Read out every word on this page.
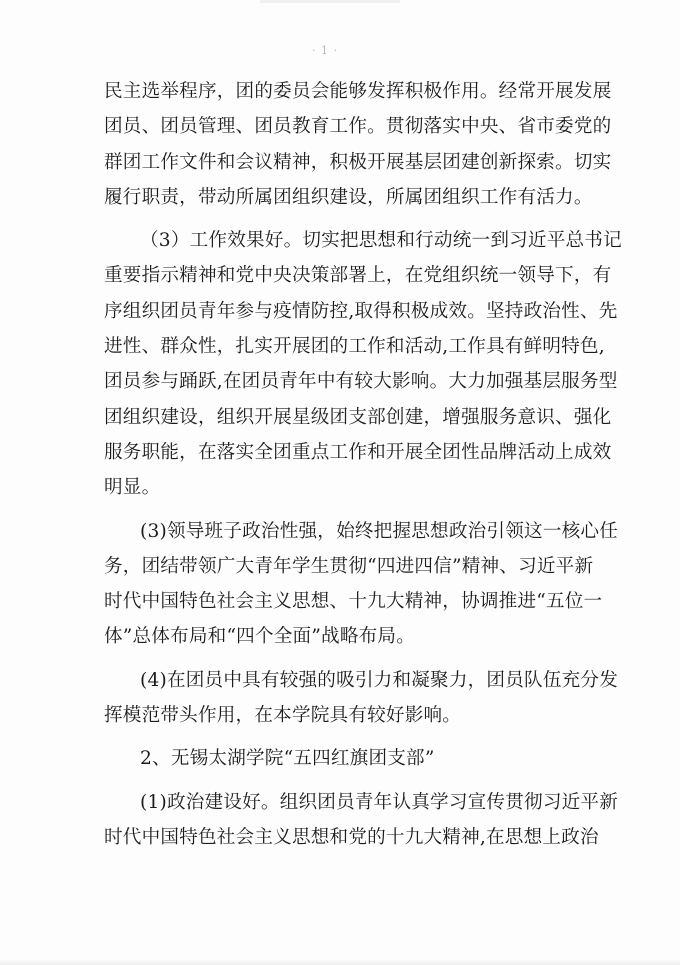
· 1 ·
民主选举程序，团的委员会能够发挥积极作用。经常开展发展
团员、团员管理、团员教育工作。贯彻落实中央、省市委党的
群团工作文件和会议精神，积极开展基层团建创新探索。切实
履行职责，带动所属团组织建设，所属团组织工作有活力。
（3）工作效果好。切实把思想和行动统一到习近平总书记
重要指示精神和党中央决策部署上，在党组织统一领导下，有
序组织团员青年参与疫情防控,取得积极成效。坚持政治性、先
进性、群众性，扎实开展团的工作和活动,工作具有鲜明特色,
团员参与踊跃,在团员青年中有较大影响。大力加强基层服务型
团组织建设，组织开展星级团支部创建，增强服务意识、强化
服务职能，在落实全团重点工作和开展全团性品牌活动上成效
明显。
(3)领导班子政治性强，始终把握思想政治引领这一核心任
务，团结带领广大青年学生贯彻“四进四信”精神、习近平新
时代中国特色社会主义思想、十九大精神，协调推进“五位一
体”总体布局和“四个全面”战略布局。
(4)在团员中具有较强的吸引力和凝聚力，团员队伍充分发
挥模范带头作用，在本学院具有较好影响。
2、无锡太湖学院“五四红旗团支部”
(1)政治建设好。组织团员青年认真学习宣传贯彻习近平新
时代中国特色社会主义思想和党的十九大精神,在思想上政治
